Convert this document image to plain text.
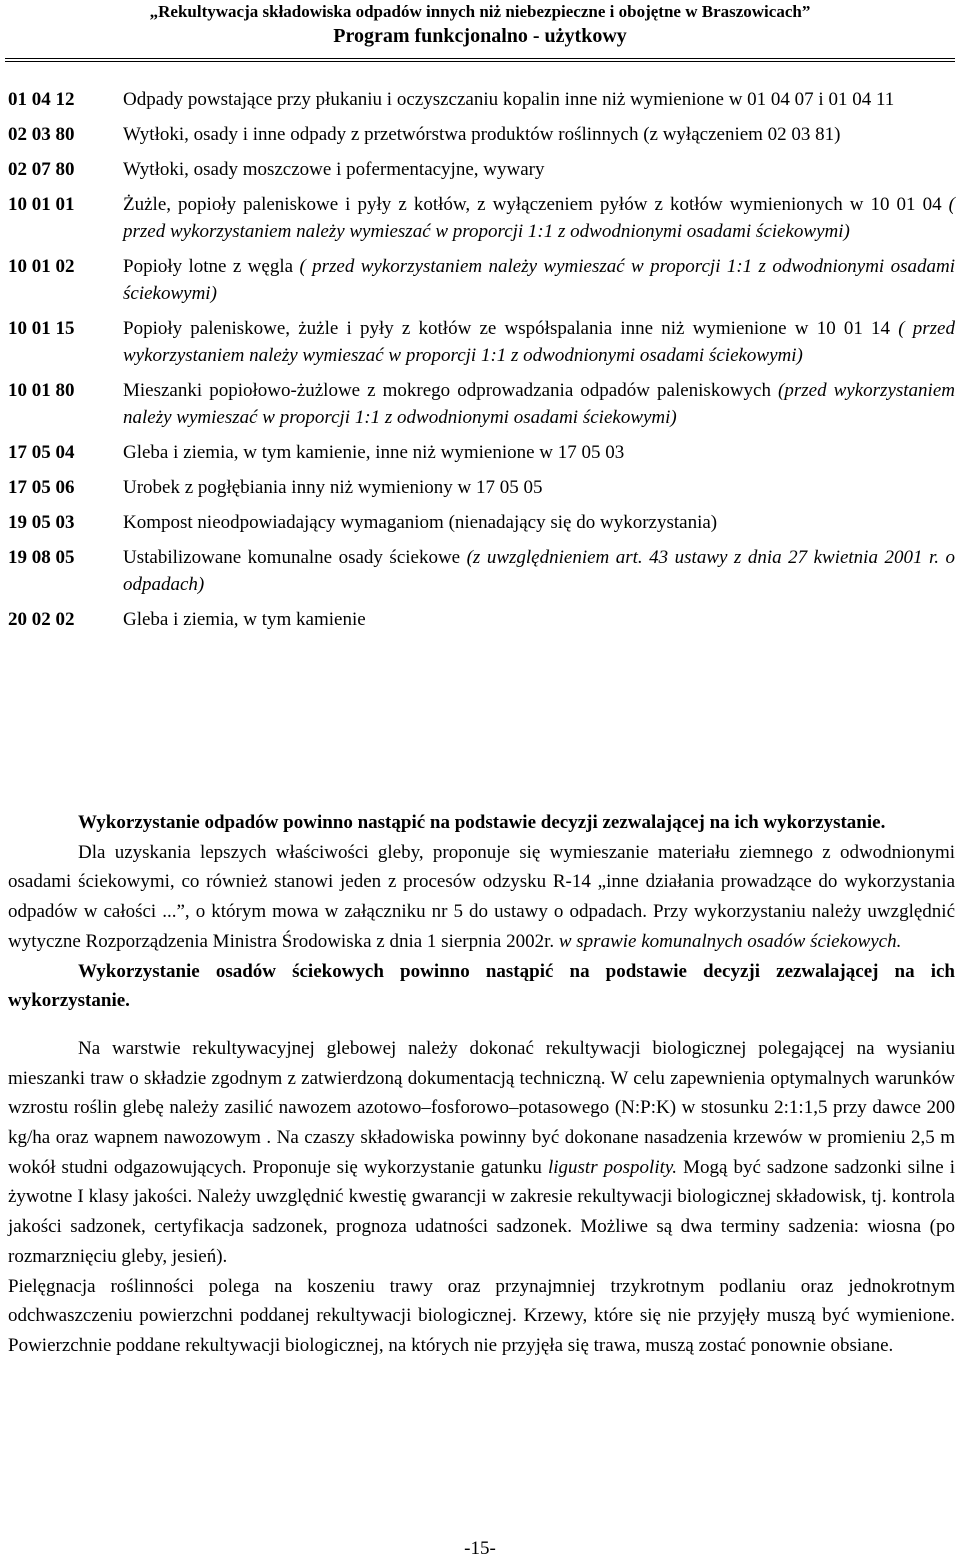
„Rekultywacja składowiska odpadów innych niż niebezpieczne i obojętne w Braszowicach”
Program funkcjonalno - użytkowy
01 04 12	Odpady powstające przy płukaniu i oczyszczaniu kopalin inne niż wymienione w 01 04 07 i 01 04 11
02 03 80	Wytłoki, osady i inne odpady z przetwórstwa produktów roślinnych (z wyłączeniem 02 03 81)
02 07 80	Wytłoki, osady moszczowe i pofermentacyjne, wywary
10 01 01	Żużle, popioły paleniskowe i pyły z kotłów, z wyłączeniem pyłów z kotłów wymienionych w 10 01 04 ( przed wykorzystaniem należy wymieszać w proporcji 1:1 z odwodnionymi osadami ściekowymi)
10 01 02	Popioły lotne z węgla ( przed wykorzystaniem należy wymieszać w proporcji 1:1 z odwodnionymi osadami ściekowymi)
10 01 15	Popioły paleniskowe, żużle i pyły z kotłów ze współspalania inne niż wymienione w 10 01 14 ( przed wykorzystaniem należy wymieszać w proporcji 1:1 z odwodnionymi osadami ściekowymi)
10 01 80	Mieszanki popiołowo-żużlowe z mokrego odprowadzania odpadów paleniskowych (przed wykorzystaniem należy wymieszać w proporcji 1:1 z odwodnionymi osadami ściekowymi)
17 05 04	Gleba i ziemia, w tym kamienie, inne niż wymienione w 17 05 03
17 05 06	Urobek z pogłębiania inny niż wymieniony w 17 05 05
19 05 03	Kompost nieodpowiadający wymaganiom (nienadający się do wykorzystania)
19 08 05	Ustabilizowane komunalne osady ściekowe (z uwzględnieniem art. 43 ustawy z dnia 27 kwietnia 2001 r. o odpadach)
20 02 02	Gleba i ziemia, w tym kamienie

Wykorzystanie odpadów powinno nastąpić na podstawie decyzji zezwalającej na ich wykorzystanie.

Dla uzyskania lepszych właściwości gleby, proponuje się wymieszanie materiału ziemnego z odwodnionymi osadami ściekowymi, co również stanowi jeden z procesów odzysku R-14 „inne działania prowadzące do wykorzystania odpadów w całości ...”, o którym mowa w załączniku nr 5 do ustawy o odpadach. Przy wykorzystaniu należy uwzględnić wytyczne Rozporządzenia Ministra Środowiska z dnia 1 sierpnia 2002r. w sprawie komunalnych osadów ściekowych.

Wykorzystanie osadów ściekowych powinno nastąpić na podstawie decyzji zezwalającej na ich wykorzystanie.

Na warstwie rekultywacyjnej glebowej należy dokonać rekultywacji biologicznej polegającej na wysianiu mieszanki traw o składzie zgodnym z zatwierdzoną dokumentacją techniczną. W celu zapewnienia optymalnych warunków wzrostu roślin glebę należy zasilić nawozem azotowo–fosforowo–potasowego (N:P:K) w stosunku 2:1:1,5 przy dawce 200 kg/ha oraz wapnem nawozowym . Na czaszy składowiska powinny być dokonane nasadzenia krzewów w promieniu 2,5 m wokół studni odgazowujących. Proponuje się wykorzystanie gatunku ligustr pospolity. Mogą być sadzone sadzonki silne i żywotne I klasy jakości. Należy uwzględnić kwestię gwarancji w zakresie rekultywacji biologicznej składowisk, tj. kontrola jakości sadzonek, certyfikacja sadzonek, prognoza udatności sadzonek. Możliwe są dwa terminy sadzenia: wiosna (po rozmarznięciu gleby, jesień).

Pielęgnacja roślinności polega na koszeniu trawy oraz przynajmniej trzykrotnym podlaniu oraz jednokrotnym odchwaszczeniu powierzchni poddanej rekultywacji biologicznej. Krzewy, które się nie przyjęły muszą być wymienione. Powierzchnie poddane rekultywacji biologicznej, na których nie przyjęła się trawa, muszą zostać ponownie obsiane.

-15-
